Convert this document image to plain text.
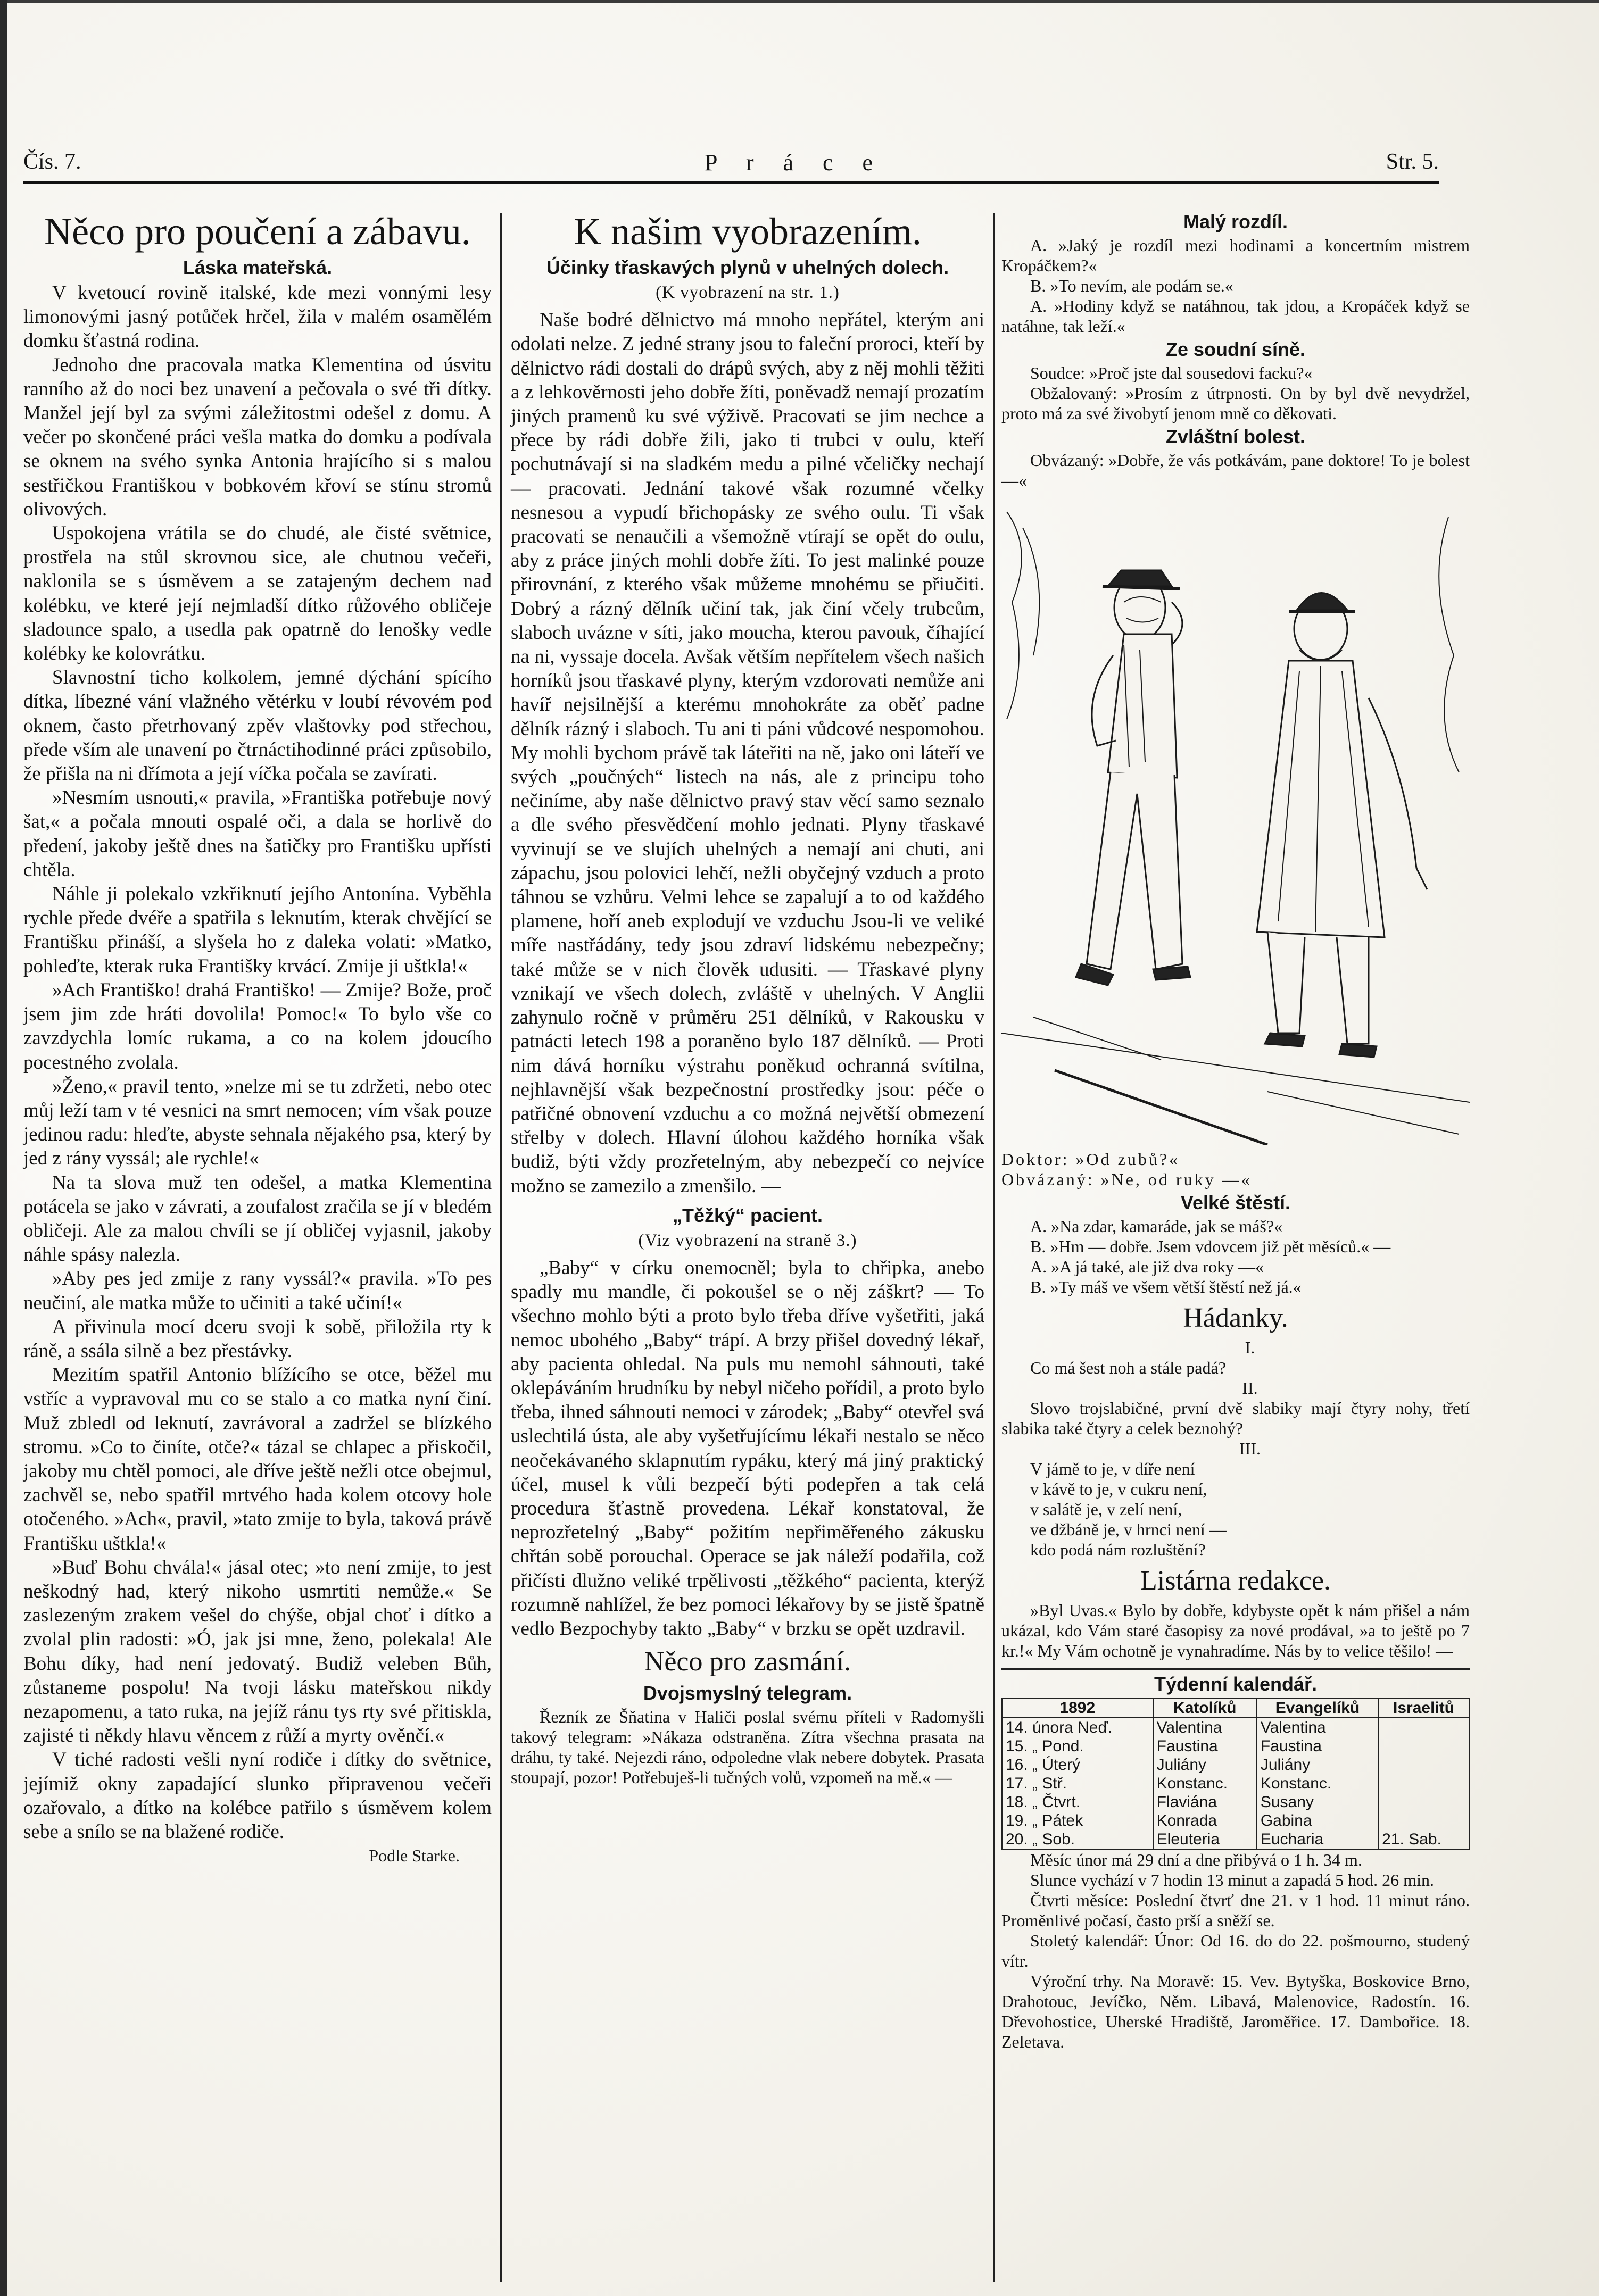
Čís. 7.	P r á c e	Str. 5.
Něco pro poučení a zábavu.
Láska mateřská.

V kvetoucí rovině italské, kde mezi vonnými lesy limonovými jasný potůček hrčel, žila v malém osamělém domku šťastná rodina.

Jednoho dne pracovala matka Klementina od úsvitu ranního až do noci bez unavení a pečovala o své tři dítky. Manžel její byl za svými záležitostmi odešel z domu. A večer po skončené práci vešla matka do domku a podívala se oknem na svého synka Antonia hrajícího si s malou sestřičkou Františkou v bobkovém křoví se stínu stromů olivových.

Uspokojena vrátila se do chudé, ale čisté světnice, prostřela na stůl skrovnou sice, ale chutnou večeři, naklonila se s úsměvem a se zatajeným dechem nad kolébku, ve které její nejmladší dítko růžového obličeje sladounce spalo, a usedla pak opatrně do lenošky vedle kolébky ke kolovrátku.

Slavnostní ticho kolkolem, jemné dýchání spícího dítka, líbezné vání vlažného větérku v loubí révovém pod oknem, často přetrhovaný zpěv vlaštovky pod střechou, přede vším ale unavení po čtrnáctihodinné práci způsobilo, že přišla na ni dřímota a její víčka počala se zavírati.

»Nesmím usnouti,« pravila, »Františka potřebuje nový šat,« a počala mnouti ospalé oči, a dala se horlivě do předení, jakoby ještě dnes na šatičky pro Františku upřísti chtěla.

Náhle ji polekalo vzkřiknutí jejího Antonína. Vyběhla rychle přede dvéře a spatřila s leknutím, kterak chvějící se Františku přináší, a slyšela ho z daleka volati: »Matko, pohleďte, kterak ruka Františky krvácí. Zmije ji uštkla!«

»Ach Františko! drahá Františko! — Zmije? Bože, proč jsem jim zde hráti dovolila! Pomoc!« To bylo vše co zavzdychla lomíc rukama, a co na kolem jdoucího pocestného zvolala.

»Ženo,« pravil tento, »nelze mi se tu zdržeti, nebo otec můj leží tam v té vesnici na smrt nemocen; vím však pouze jedinou radu: hleďte, abyste sehnala nějakého psa, který by jed z rány vyssál; ale rychle!«

Na ta slova muž ten odešel, a matka Klementina potácela se jako v závrati, a zoufalost zračila se jí v bledém obličeji. Ale za malou chvíli se jí obličej vyjasnil, jakoby náhle spásy nalezla.

»Aby pes jed zmije z rany vyssál?« pravila. »To pes neučiní, ale matka může to učiniti a také učiní!«

A přivinula mocí dceru svoji k sobě, přiložila rty k ráně, a ssála silně a bez přestávky.

Mezitím spatřil Antonio blížícího se otce, běžel mu vstříc a vypravoval mu co se stalo a co matka nyní činí. Muž zbledl od leknutí, zavrávoral a zadržel se blízkého stromu. »Co to činíte, otče?« tázal se chlapec a přiskočil, jakoby mu chtěl pomoci, ale dříve ještě nežli otce obejmul, zachvěl se, nebo spatřil mrtvého hada kolem otcovy hole otočeného. »Ach«, pravil, »tato zmije to byla, taková právě Františku uštkla!«

»Buď Bohu chvála!« jásal otec; »to není zmije, to jest neškodný had, který nikoho usmrtiti nemůže.« Se zaslezeným zrakem vešel do chýše, objal choť i dítko a zvolal plin radosti: »Ó, jak jsi mne, ženo, polekala! Ale Bohu díky, had není jedovatý. Budiž veleben Bůh, zůstaneme pospolu! Na tvoji lásku mateřskou nikdy nezapomenu, a tato ruka, na jejíž ránu tys rty své přitiskla, zajisté ti někdy hlavu věncem z růží a myrty ověnčí.«

V tiché radosti vešli nyní rodiče i dítky do světnice, jejímiž okny zapadající slunko připravenou večeři ozařovalo, a dítko na kolébce patřilo s úsměvem kolem sebe a snílo se na blažené rodiče.

Podle Starke.
K našim vyobrazením.
Účinky třaskavých plynů v uhelných dolech.
(K vyobrazení na str. 1.)

Naše bodré dělnictvo má mnoho nepřátel, kterým ani odolati nelze. Z jedné strany jsou to faleční proroci, kteří by dělnictvo rádi dostali do drápů svých, aby z něj mohli těžiti a z lehkověrnosti jeho dobře žíti, poněvadž nemají prozatím jiných pramenů ku své výživě. Pracovati se jim nechce a přece by rádi dobře žili, jako ti trubci v oulu, kteří pochutnávají si na sladkém medu a pilné včeličky nechají — pracovati. Jednání takové však rozumné včelky nesnesou a vypudí břichopásky ze svého oulu. Ti však pracovati se nenaučili a všemožně vtírají se opět do oulu, aby z práce jiných mohli dobře žíti. To jest malinké pouze přirovnání, z kterého však můžeme mnohému se přiučiti. Dobrý a rázný dělník učiní tak, jak činí včely trubcům, slaboch uvázne v síti, jako moucha, kterou pavouk, číhající na ni, vyssaje docela. Avšak větším nepřítelem všech našich horníků jsou třaskavé plyny, kterým vzdorovati nemůže ani havíř nejsilnější a kterému mnohokráte za oběť padne dělník rázný i slaboch. Tu ani ti páni vůdcové nespomohou. My mohli bychom právě tak láteřiti na ně, jako oni láteří ve svých „poučných“ listech na nás, ale z principu toho nečiníme, aby naše dělnictvo pravý stav věcí samo seznalo a dle svého přesvědčení mohlo jednati. Plyny třaskavé vyvinují se ve slujích uhelných a nemají ani chuti, ani zápachu, jsou polovici lehčí, nežli obyčejný vzduch a proto táhnou se vzhůru. Velmi lehce se zapalují a to od každého plamene, hoří aneb explodují ve vzduchu Jsou-li ve veliké míře nastřádány, tedy jsou zdraví lidskému nebezpečny; také může se v nich člověk udusiti. — Třaskavé plyny vznikají ve všech dolech, zvláště v uhelných. V Anglii zahynulo ročně v průměru 251 dělníků, v Rakousku v patnácti letech 198 a poraněno bylo 187 dělníků. — Proti nim dává horníku výstrahu poněkud ochranná svítilna, nejhlavnější však bezpečnostní prostředky jsou: péče o patřičné obnovení vzduchu a co možná největší obmezení střelby v dolech. Hlavní úlohou každého horníka však budiž, býti vždy prozřetelným, aby nebezpečí co nejvíce možno se zamezilo a zmenšilo. —

„Těžký“ pacient.
(Viz vyobrazení na straně 3.)

„Baby“ v círku onemocněl; byla to chřipka, anebo spadly mu mandle, či pokoušel se o něj záškrt? — To všechno mohlo býti a proto bylo třeba dříve vyšetřiti, jaká nemoc ubohého „Baby“ trápí. A brzy přišel dovedný lékař, aby pacienta ohledal. Na puls mu nemohl sáhnouti, také oklepáváním hrudníku by nebyl ničeho pořídil, a proto bylo třeba, ihned sáhnouti nemoci v zárodek; „Baby“ otevřel svá uslechtilá ústa, ale aby vyšetřujícímu lékaři nestalo se něco neočekávaného sklapnutím rypáku, který má jiný praktický účel, musel k vůli bezpečí býti podepřen a tak celá procedura šťastně provedena. Lékař konstatoval, že neprozřetelný „Baby“ požitím nepřiměřeného zákusku chřtán sobě porouchal. Operace se jak náleží podařila, což přičísti dlužno veliké trpělivosti „těžkého“ pacienta, kterýž rozumně nahlížel, že bez pomoci lékařovy by se jistě špatně vedlo Bezpochyby takto „Baby“ v brzku se opět uzdravil.

Něco pro zasmání.
Dvojsmyslný telegram.

Řezník ze Šňatina v Haliči poslal svému příteli v Radomyšli takový telegram: »Nákaza odstraněna. Zítra všechna prasata na dráhu, ty také. Nejezdi ráno, odpoledne vlak nebere dobytek. Prasata stoupají, pozor! Potřebuješ-li tučných volů, vzpomeň na mě.« —

Malý rozdíl.

A. »Jaký je rozdíl mezi hodinami a koncertním mistrem Kropáčkem?«

B. »To nevím, ale podám se.«

A. »Hodiny když se natáhnou, tak jdou, a Kropáček když se natáhne, tak leží.«

Ze soudní síně.

Soudce: »Proč jste dal sousedovi facku?«

Obžalovaný: »Prosím z útrpnosti. On by byl dvě nevydržel, proto má za své živobytí jenom mně co děkovati.

Zvláštní bolest.

Obvázaný: »Dobře, že vás potkávám, pane doktore! To je bolest —«

Doktor: »Od zubů?«

Obvázaný: »Ne, od ruky —«

Velké štěstí.

A. »Na zdar, kamaráde, jak se máš?«

B. »Hm — dobře. Jsem vdovcem již pět měsíců.« —

A. »A já také, ale již dva roky —«

B. »Ty máš ve všem větší štěstí než já.«

Hádanky.

I.

Co má šest noh a stále padá?

II.

Slovo trojslabičné, první dvě slabiky mají čtyry nohy, třetí slabika také čtyry a celek beznohý?

III.

V jámě to je, v díře není

v kávě to je, v cukru není,

v salátě je, v zelí není,

ve džbáně je, v hrnci není —

kdo podá nám rozluštění?

Listárna redakce.

»Byl Uvas.« Bylo by dobře, kdybyste opět k nám přišel a nám ukázal, kdo Vám staré časopisy za nové prodával, »a to ještě po 7 kr.!« My Vám ochotně je vynahradíme. Nás by to velice těšilo! —

Týdenní kalendář.
1892	Katolíků	Evangelíků	Israelitů
14. února Neď.	Valentina	Valentina	
15. „ Pond.	Faustina	Faustina	
16. „ Úterý	Juliány	Juliány	
17. „ Stř.	Konstanc.	Konstanc.	
18. „ Čtvrt.	Flaviána	Susany	
19. „ Pátek	Konrada	Gabina	
20. „ Sob.	Eleuteria	Eucharia	21. Sab.

Měsíc únor má 29 dní a dne přibývá o 1 h. 34 m.

Slunce vychází v 7 hodin 13 minut a zapadá 5 hod. 26 min.

Čtvrti měsíce: Poslední čtvrť dne 21. v 1 hod. 11 minut ráno. Proměnlivé počasí, často prší a sněží se.

Stoletý kalendář: Únor: Od 16. do do 22. pošmourno, studený vítr.

Výroční trhy. Na Moravě: 15. Vev. Bytyška, Boskovice Brno, Drahotouc, Jevíčko, Něm. Libavá, Malenovice, Radostín. 16. Dřevohostice, Uherské Hradiště, Jaroměřice. 17. Dambořice. 18. Zeletava.
